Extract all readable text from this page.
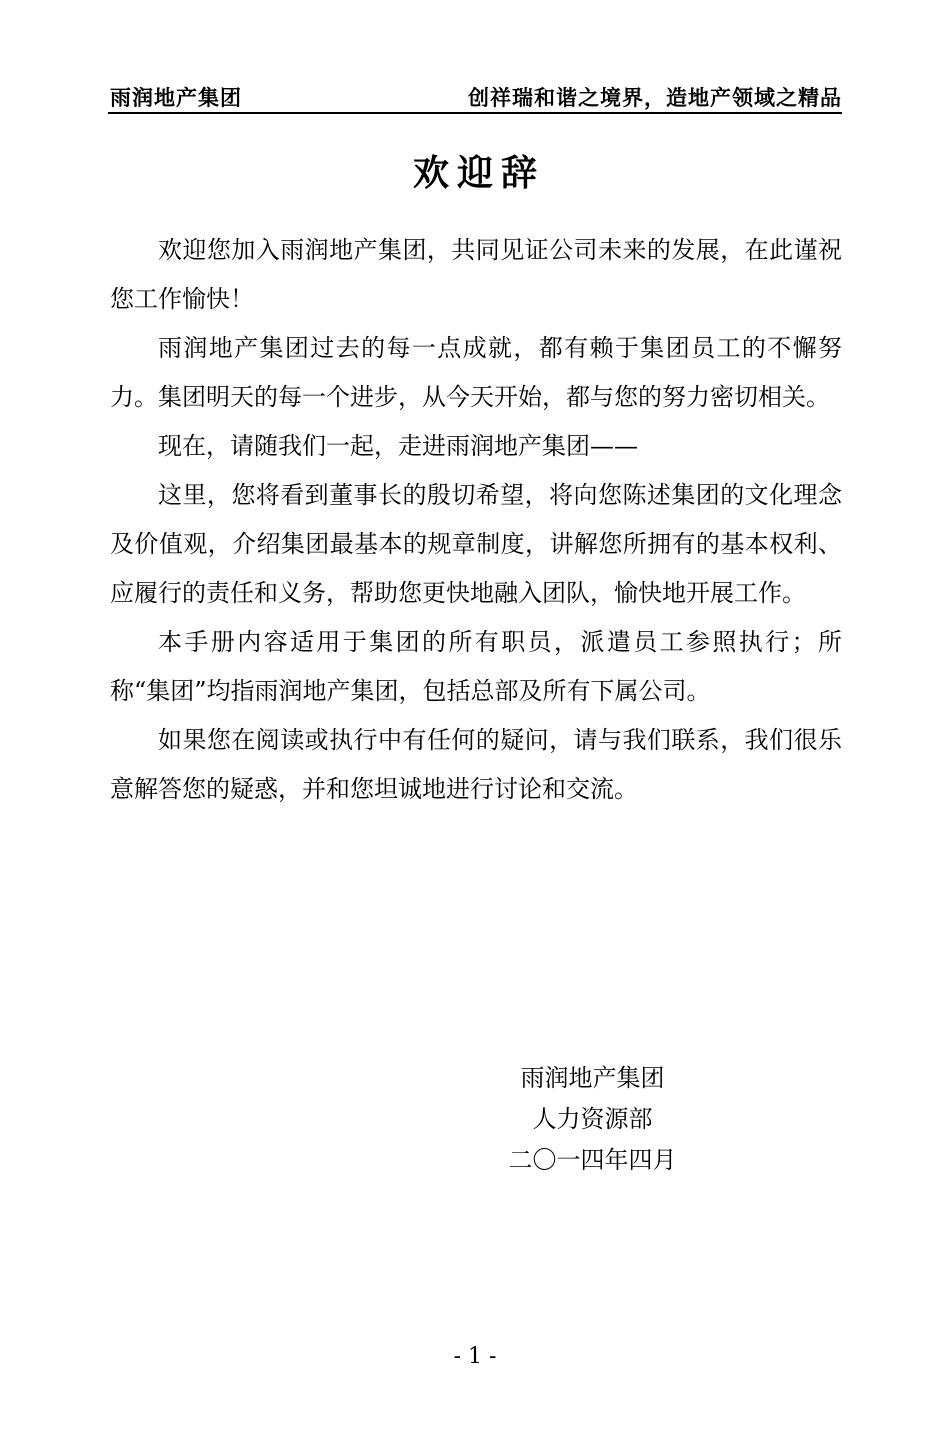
雨润地产集团	创祥瑞和谐之境界，造地产领域之精品
欢迎辞

欢迎您加入雨润地产集团，共同见证公司未来的发展，在此谨祝您工作愉快！

雨润地产集团过去的每一点成就，都有赖于集团员工的不懈努力。集团明天的每一个进步，从今天开始，都与您的努力密切相关。

现在，请随我们一起，走进雨润地产集团——

这里，您将看到董事长的殷切希望，将向您陈述集团的文化理念及价值观，介绍集团最基本的规章制度，讲解您所拥有的基本权利、应履行的责任和义务，帮助您更快地融入团队，愉快地开展工作。

本手册内容适用于集团的所有职员，派遣员工参照执行；所称“集团”均指雨润地产集团，包括总部及所有下属公司。

如果您在阅读或执行中有任何的疑问，请与我们联系，我们很乐意解答您的疑惑，并和您坦诚地进行讨论和交流。

雨润地产集团
人力资源部
二〇一四年四月
- 1 -
